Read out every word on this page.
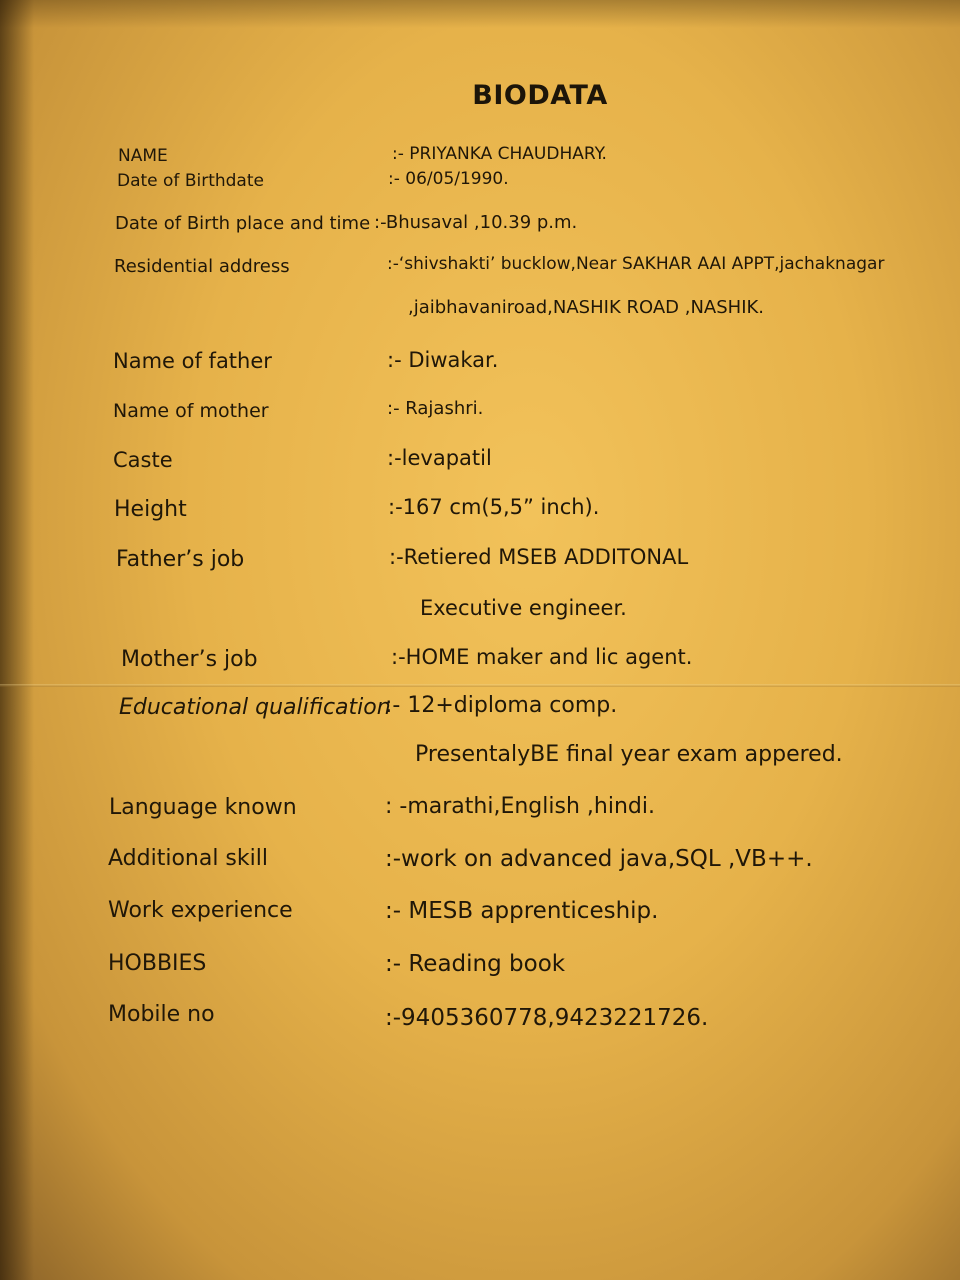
BIODATA
NAME	:- PRIYANKA CHAUDHARY.
Date of Birthdate	:- 06/05/1990.
Date of Birth place and time :-Bhusaval ,10.39 p.m.
Residential address	:-‘shivshakti’ bucklow,Near SAKHAR AAI APPT,jachaknagar
,jaibhavaniroad,NASHIK ROAD ,NASHIK.
Name of father	:- Diwakar.
Name of mother	:- Rajashri.
Caste	:-levapatil
Height	:-167 cm(5,5” inch).
Father’s job	:-Retiered MSEB ADDITONAL
Executive engineer.
Mother’s job	:-HOME maker and lic agent.
Educational qualification
:- 12+diploma comp.
PresentalyBE final year exam appered.
Language known	: -marathi,English ,hindi.
Additional skill	:-work on advanced java,SQL ,VB++.
Work experience	:- MESB apprenticeship.
HOBBIES	:- Reading book
Mobile no	:-9405360778,9423221726.
